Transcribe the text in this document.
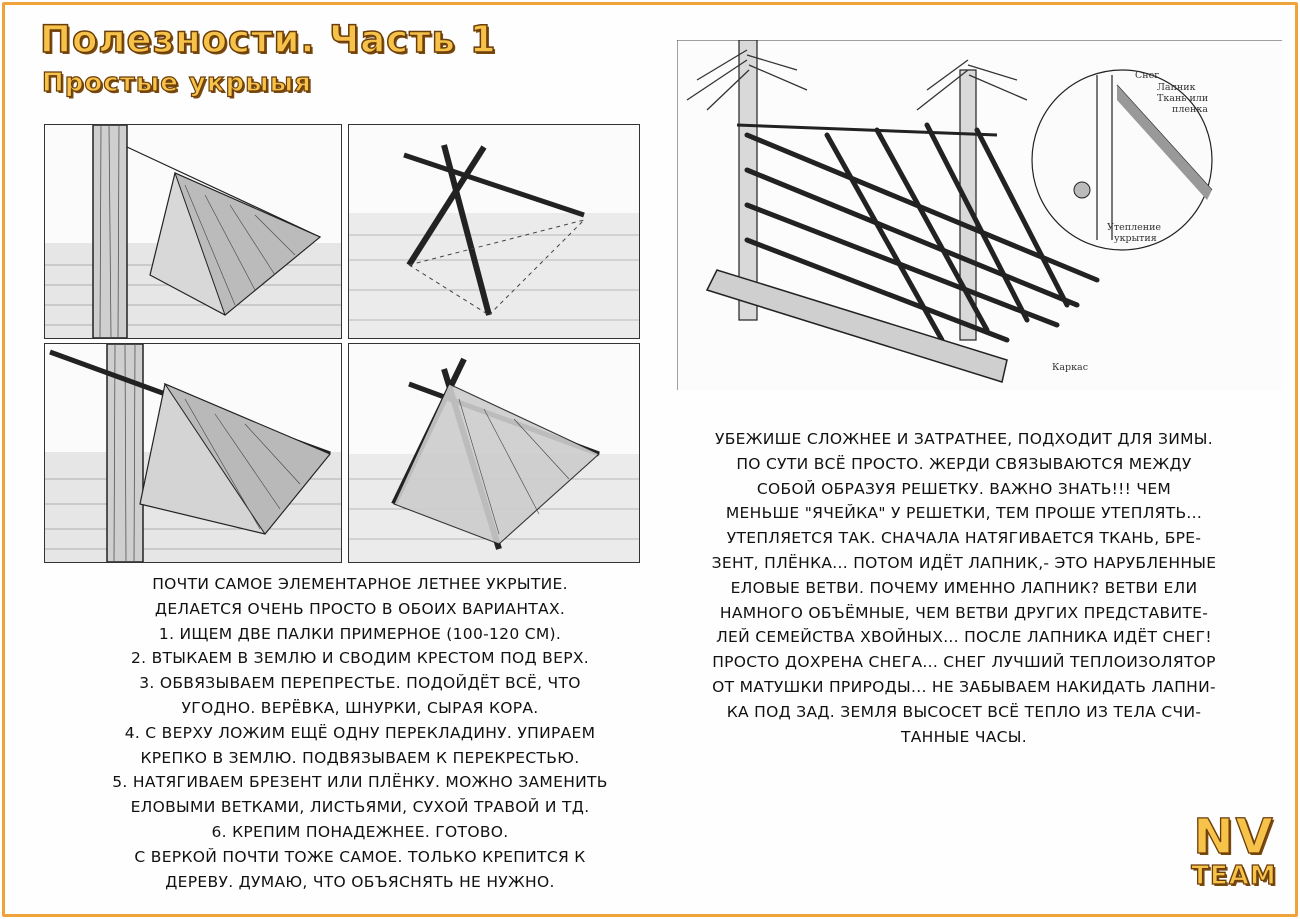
Полезности. Часть 1
Простые укрыыя	Снег
Лапник
Ткань или
пленка
Утепление
укрытия
Каркас
ПОЧТИ САМОЕ ЭЛЕМЕНТАРНОЕ ЛЕТНЕЕ УКРЫТИЕ.
ДЕЛАЕТСЯ ОЧЕНЬ ПРОСТО В ОБОИХ ВАРИАНТАХ.
1. ИЩЕМ ДВЕ ПАЛКИ ПРИМЕРНОЕ (100-120 СМ).
2. ВТЫКАЕМ В ЗЕМЛЮ И СВОДИМ КРЕСТОМ ПОД ВЕРХ.
3. ОБВЯЗЫВАЕМ ПЕРЕПРЕСТЬЕ. ПОДОЙДЁТ ВСЁ, ЧТО
УГОДНО. ВЕРЁВКА, ШНУРКИ, СЫРАЯ КОРА.
4. С ВЕРХУ ЛОЖИМ ЕЩЁ ОДНУ ПЕРЕКЛАДИНУ. УПИРАЕМ
КРЕПКО В ЗЕМЛЮ. ПОДВЯЗЫВАЕМ К ПЕРЕКРЕСТЬЮ.
5. НАТЯГИВАЕМ БРЕЗЕНТ ИЛИ ПЛЁНКУ. МОЖНО ЗАМЕНИТЬ
ЕЛОВЫМИ ВЕТКАМИ, ЛИСТЬЯМИ, СУХОЙ ТРАВОЙ И ТД.
6. КРЕПИМ ПОНАДЕЖНЕЕ. ГОТОВО.
С ВЕРКОЙ ПОЧТИ ТОЖЕ САМОЕ. ТОЛЬКО КРЕПИТСЯ К
ДЕРЕВУ. ДУМАЮ, ЧТО ОБЪЯСНЯТЬ НЕ НУЖНО.
УБЕЖИШЕ СЛОЖНЕЕ И ЗАТРАТНЕЕ, ПОДХОДИТ ДЛЯ ЗИМЫ.
ПО СУТИ ВСЁ ПРОСТО. ЖЕРДИ СВЯЗЫВАЮТСЯ МЕЖДУ
СОБОЙ ОБРАЗУЯ РЕШЕТКУ. ВАЖНО ЗНАТЬ!!! ЧЕМ
МЕНЬШЕ "ЯЧЕЙКА" У РЕШЕТКИ, ТЕМ ПРОШЕ УТЕПЛЯТЬ...
УТЕПЛЯЕТСЯ ТАК. СНАЧАЛА НАТЯГИВАЕТСЯ ТКАНЬ, БРЕ-
ЗЕНТ, ПЛЁНКА... ПОТОМ ИДЁТ ЛАПНИК,- ЭТО НАРУБЛЕННЫЕ
ЕЛОВЫЕ ВЕТВИ. ПОЧЕМУ ИМЕННО ЛАПНИК? ВЕТВИ ЕЛИ
НАМНОГО ОБЪЁМНЫЕ, ЧЕМ ВЕТВИ ДРУГИХ ПРЕДСТАВИТЕ-
ЛЕЙ СЕМЕЙСТВА ХВОЙНЫХ... ПОСЛЕ ЛАПНИКА ИДЁТ СНЕГ!
ПРОСТО ДОХРЕНА СНЕГА... СНЕГ ЛУЧШИЙ ТЕПЛОИЗОЛЯТОР
ОТ МАТУШКИ ПРИРОДЫ... НЕ ЗАБЫВАЕМ НАКИДАТЬ ЛАПНИ-
КА ПОД ЗАД. ЗЕМЛЯ ВЫСОСЕТ ВСЁ ТЕПЛО ИЗ ТЕЛА СЧИ-
ТАННЫЕ ЧАСЫ.
NV
TEAM
